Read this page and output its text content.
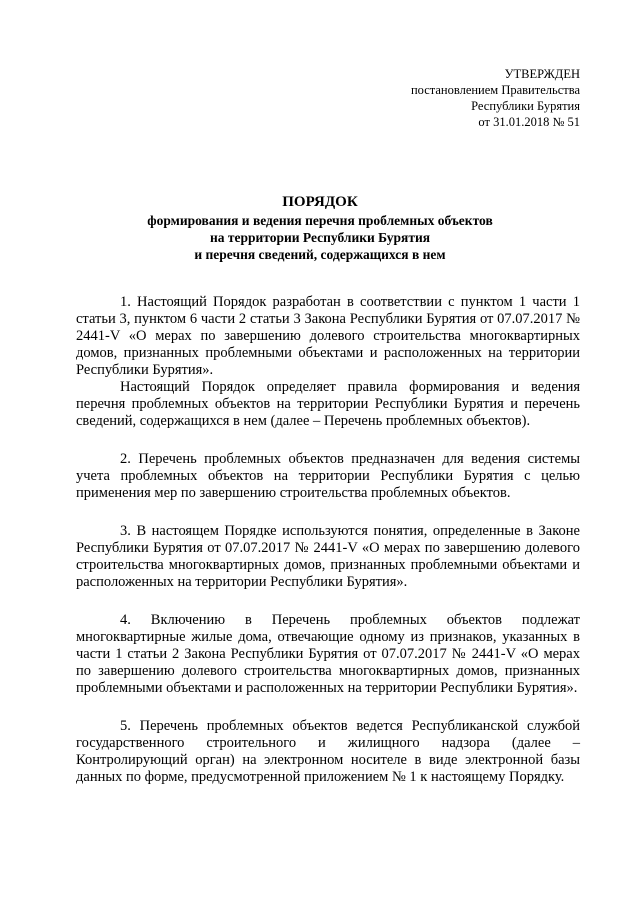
УТВЕРЖДЕН
постановлением Правительства
Республики Бурятия
от 31.01.2018 № 51
ПОРЯДОК
формирования и ведения перечня проблемных объектов
на территории Республики Бурятия
и перечня сведений, содержащихся в нем

1. Настоящий Порядок разработан в соответствии с пунктом 1 части 1 статьи 3, пунктом 6 части 2 статьи 3 Закона Республики Бурятия от 07.07.2017 № 2441-V «О мерах по завершению долевого строительства многоквартирных домов, признанных проблемными объектами и расположенных на территории Республики Бурятия».

Настоящий Порядок определяет правила формирования и ведения перечня проблемных объектов на территории Республики Бурятия и перечень сведений, содержащихся в нем (далее – Перечень проблемных объектов).

2. Перечень проблемных объектов предназначен для ведения системы учета проблемных объектов на территории Республики Бурятия с целью применения мер по завершению строительства проблемных объектов.

3. В настоящем Порядке используются понятия, определенные в Законе Республики Бурятия от 07.07.2017 № 2441-V «О мерах по завершению долевого строительства многоквартирных домов, признанных проблемными объектами и расположенных на территории Республики Бурятия».

4. Включению в Перечень проблемных объектов подлежат многоквартирные жилые дома, отвечающие одному из признаков, указанных в части 1 статьи 2 Закона Республики Бурятия от 07.07.2017 № 2441-V «О мерах по завершению долевого строительства многоквартирных домов, признанных проблемными объектами и расположенных на территории Республики Бурятия».

5. Перечень проблемных объектов ведется Республиканской службой государственного строительного и жилищного надзора (далее – Контролирующий орган) на электронном носителе в виде электронной базы данных по форме, предусмотренной приложением № 1 к настоящему Порядку.
